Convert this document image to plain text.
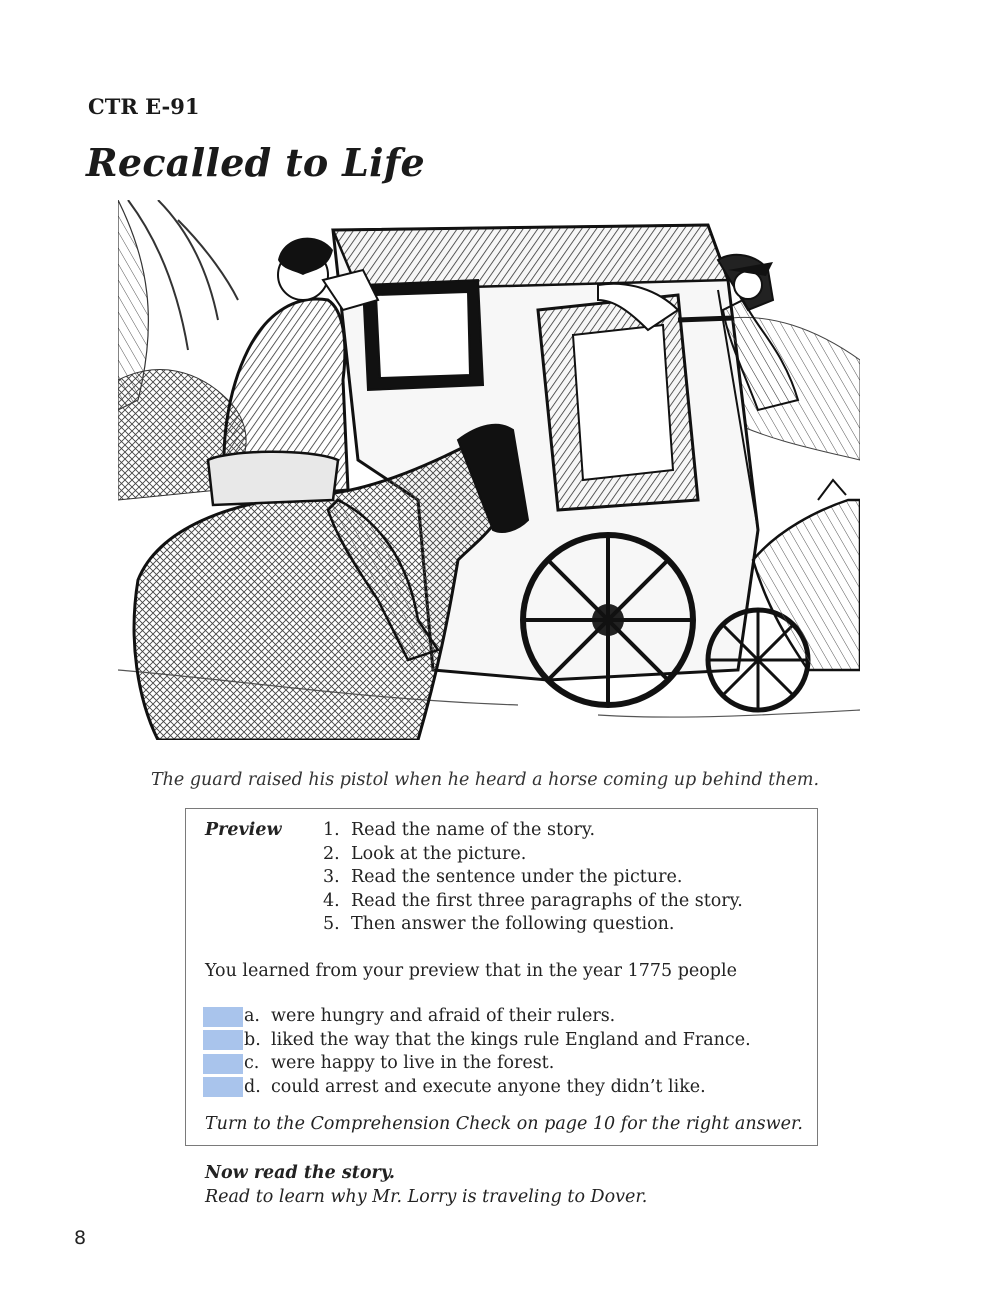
CTR E-91
Recalled to Life
The guard raised his pistol when he heard a horse coming up behind them.
Preview 1. Read the name of the story.
2. Look at the picture.
3. Read the sentence under the picture.
4. Read the first three paragraphs of the story.
5. Then answer the following question.
You learned from your preview that in the year 1775 people
a. were hungry and afraid of their rulers.
b. liked the way that the kings rule England and France.
c. were happy to live in the forest.
d. could arrest and execute anyone they didn’t like.
Turn to the Comprehension Check on page 10 for the right answer.
Now read the story.
Read to learn why Mr. Lorry is traveling to Dover.
8
